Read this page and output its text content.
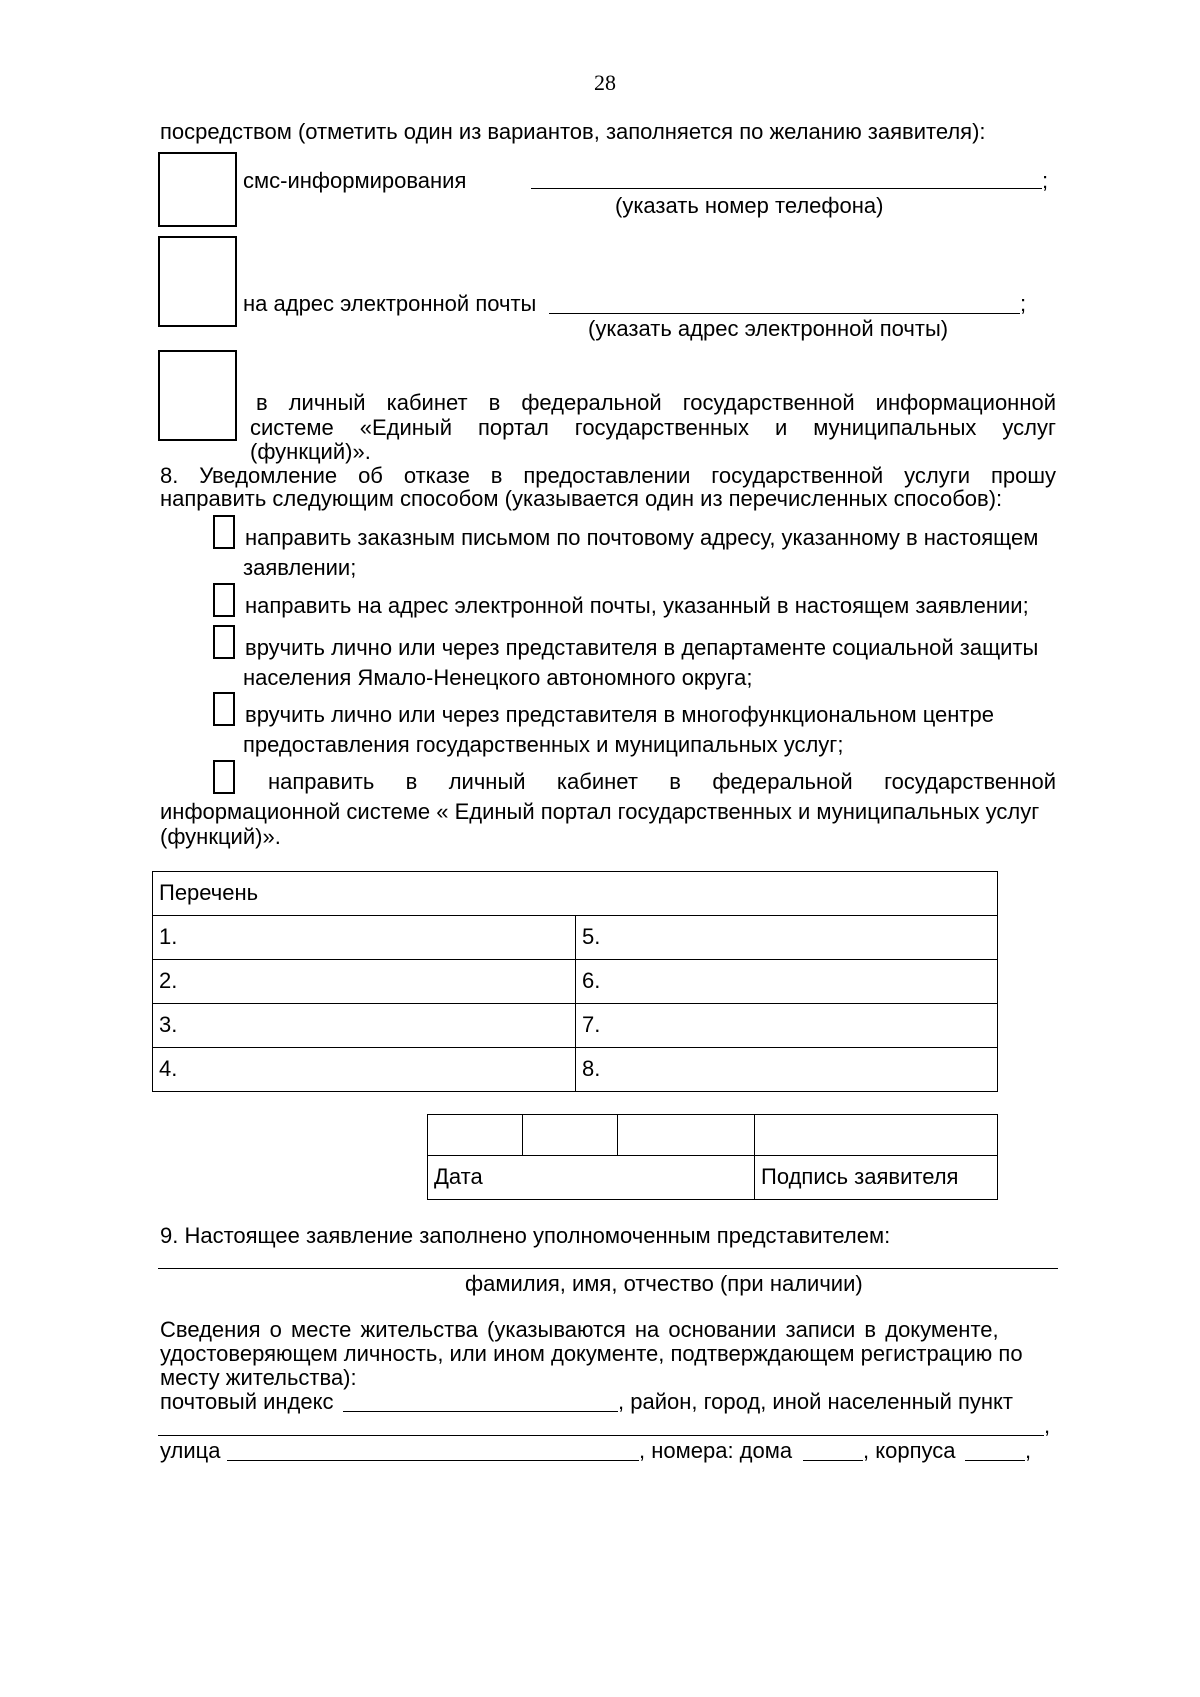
28
посредством (отметить один из вариантов, заполняется по желанию заявителя):
смс-информирования	;
(указать номер телефона)
на адрес электронной почты	;
(указать адрес электронной почты)
в личный кабинет в федеральной государственной информационной
системе «Единый портал государственных и муниципальных услуг
(функций)».
8. Уведомление об отказе в предоставлении государственной услуги прошу
направить следующим способом (указывается один из перечисленных способов):
направить заказным письмом по почтовому адресу, указанному в настоящем
заявлении;
направить на адрес электронной почты, указанный в настоящем заявлении;
вручить лично или через представителя в департаменте социальной защиты
населения Ямало-Ненецкого автономного округа;
вручить лично или через представителя в многофункциональном центре
предоставления государственных и муниципальных услуг;
направить в личный кабинет в федеральной государственной
информационной системе « Единый портал государственных и муниципальных услуг
(функций)».
Перечень	
1.	5.
2.	6.
3.	7.
4.	8.

Дата			Подпись заявителя
9. Настоящее заявление заполнено уполномоченным представителем:
фамилия, имя, отчество (при наличии)
Сведения о месте жительства (указываются на основании записи в документе,
удостоверяющем личность, или ином документе, подтверждающем регистрацию по
месту жительства):
почтовый индекс	, район, город, иной населенный пункт
,
улица	, номера: дома	, корпуса	,
